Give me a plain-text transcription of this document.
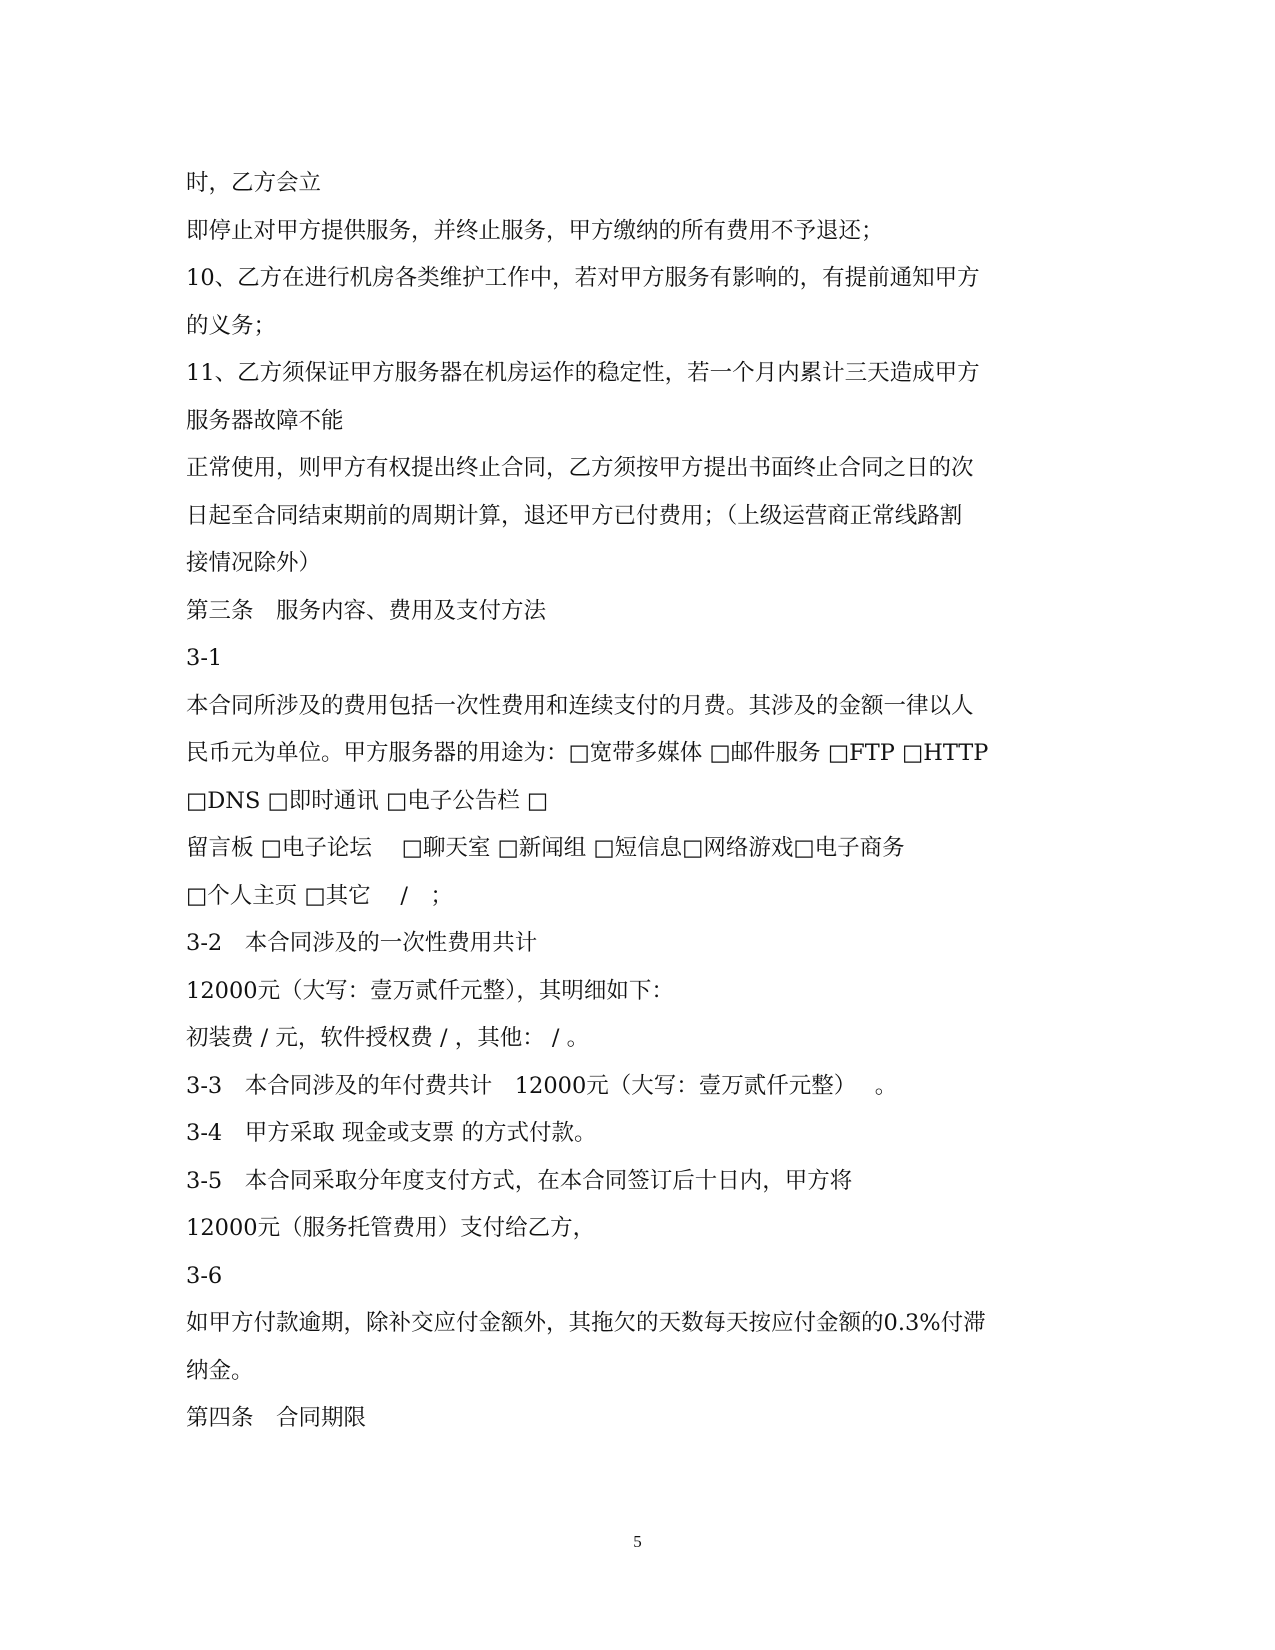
时，乙方会立
即停止对甲方提供服务，并终止服务，甲方缴纳的所有费用不予退还；
10、乙方在进行机房各类维护工作中，若对甲方服务有影响的，有提前通知甲方
的义务；
11、乙方须保证甲方服务器在机房运作的稳定性，若一个月内累计三天造成甲方
服务器故障不能
正常使用，则甲方有权提出终止合同，乙方须按甲方提出书面终止合同之日的次
日起至合同结束期前的周期计算，退还甲方已付费用；（上级运营商正常线路割
接情况除外）
第三条　服务内容、费用及支付方法
3-1
本合同所涉及的费用包括一次性费用和连续支付的月费。其涉及的金额一律以人
民币元为单位。甲方服务器的用途为：□宽带多媒体 □邮件服务 □FTP □HTTP
□DNS □即时通讯 □电子公告栏 □
留言板 □电子论坛　 □聊天室 □新闻组 □短信息□网络游戏□电子商务
□个人主页 □其它　 /　；
3-2　本合同涉及的一次性费用共计
12000元（大写：壹万贰仟元整），其明细如下：
初装费 / 元，软件授权费 / ，其他： / 。
3-3　本合同涉及的年付费共计　12000元（大写：壹万贰仟元整）　 。
3-4　甲方采取 现金或支票 的方式付款。
3-5　本合同采取分年度支付方式，在本合同签订后十日内，甲方将
12000元（服务托管费用）支付给乙方，
3-6
如甲方付款逾期，除补交应付金额外，其拖欠的天数每天按应付金额的0.3%付滞
纳金。
第四条　合同期限
5
